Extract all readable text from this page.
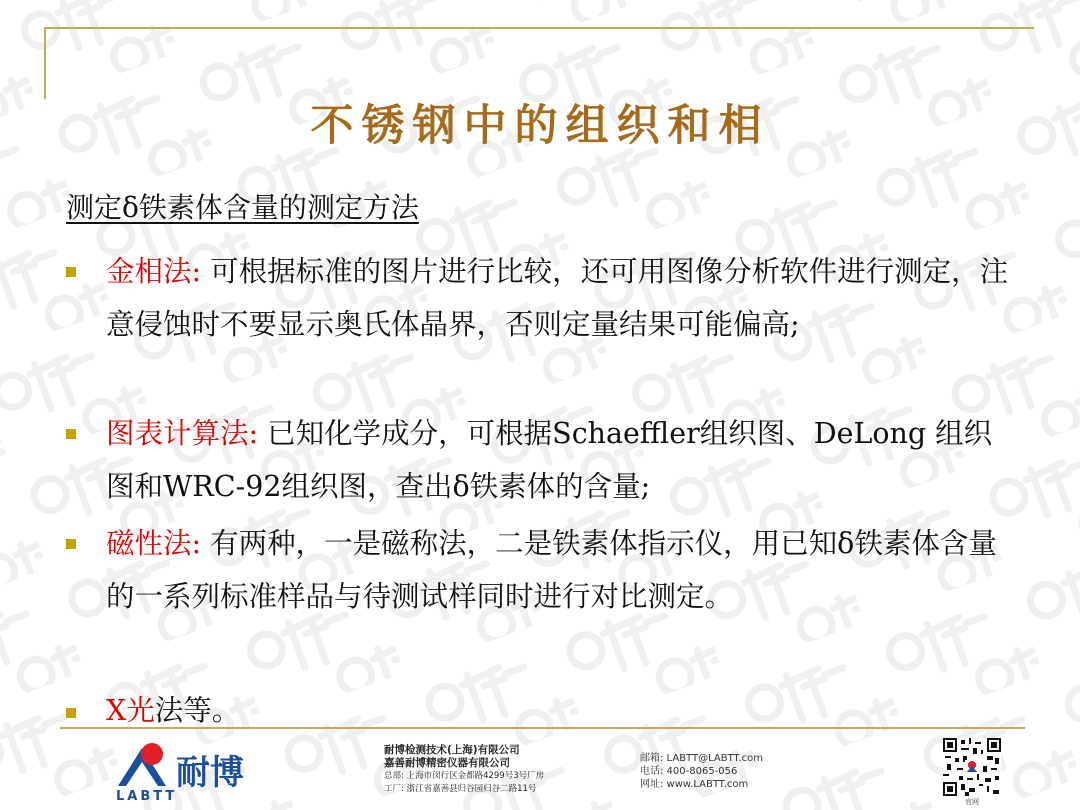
不锈钢中的组织和相
测定δ铁素体含量的测定方法
金相法: 可根据标准的图片进行比较，还可用图像分析软件进行测定，注意侵蚀时不要显示奥氏体晶界，否则定量结果可能偏高;
图表计算法: 已知化学成分，可根据Schaeffler组织图、DeLong 组织图和WRC-92组织图，查出δ铁素体的含量;
磁性法: 有两种，一是磁称法，二是铁素体指示仪，用已知δ铁素体含量的一系列标准样品与待测试样同时进行对比测定。
X光法等。
LABTT
耐博
耐博检测技术(上海)有限公司
嘉善耐博精密仪器有限公司
总部: 上海市闵行区金都路4299号3号厂房
工厂: 浙江省嘉善县归谷园归谷二路11号
邮箱: LABTT@LABTT.com
电话: 400-8065-056
网址: www.LABTT.com
官网
